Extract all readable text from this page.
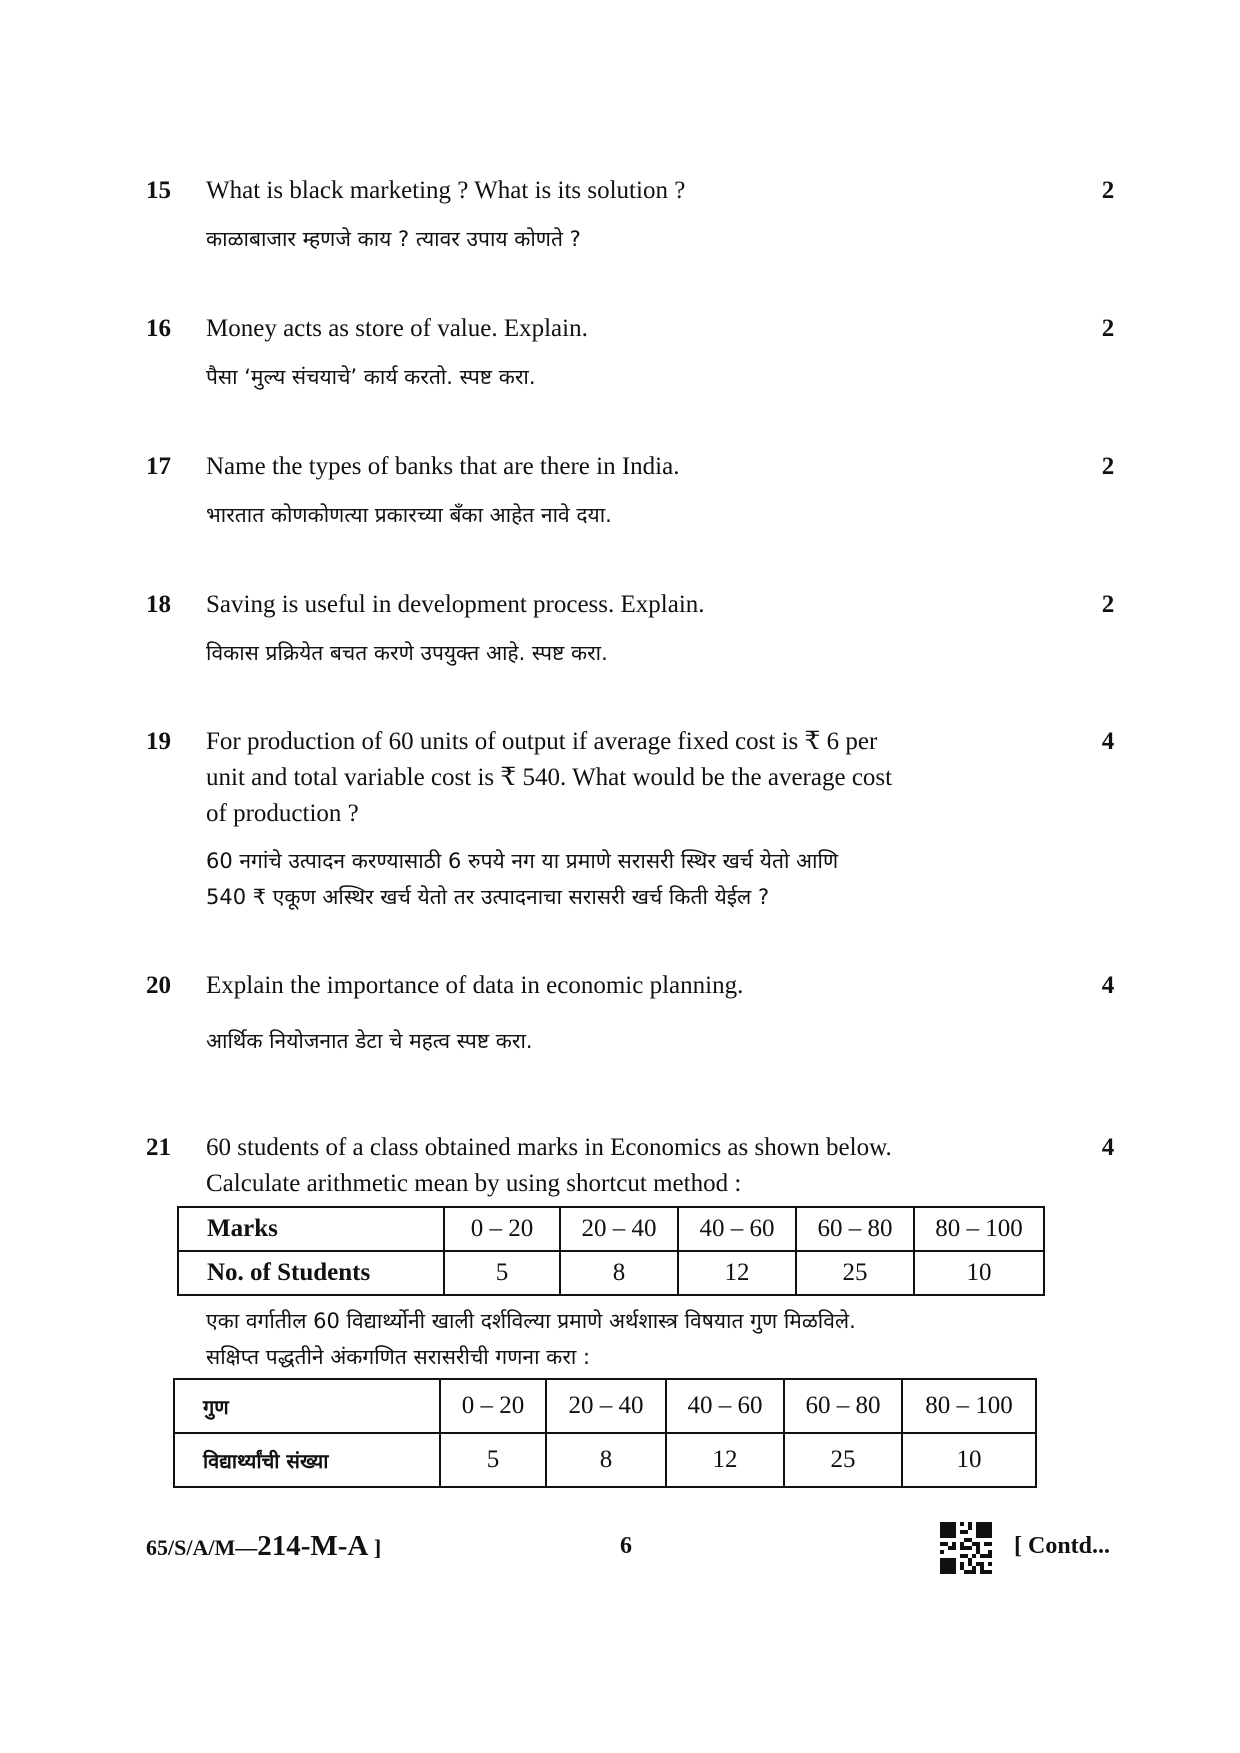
15 What is black marketing ? What is its solution ?
काळाबाजार म्हणजे काय ? त्यावर उपाय कोणते ?
2
16 Money acts as store of value. Explain.
पैसा ‘मुल्य संचयाचे’ कार्य करतो. स्पष्ट करा.
2
17 Name the types of banks that are there in India.
भारतात कोणकोणत्या प्रकारच्या बँका आहेत नावे दया.
2
18 Saving is useful in development process. Explain.
विकास प्रक्रियेत बचत करणे उपयुक्त आहे. स्पष्ट करा.
2
19 For production of 60 units of output if average fixed cost is ₹ 6 per
unit and total variable cost is ₹ 540. What would be the average cost
of production ?
60 नगांचे उत्पादन करण्यासाठी 6 रुपये नग या प्रमाणे सरासरी स्थिर खर्च येतो आणि
540 ₹ एकूण अस्थिर खर्च येतो तर उत्पादनाचा सरासरी खर्च किती येईल ?
4
20 Explain the importance of data in economic planning.
आर्थिक नियोजनात डेटा चे महत्व स्पष्ट करा.
4
21 60 students of a class obtained marks in Economics as shown below.
Calculate arithmetic mean by using shortcut method :
4
Marks	0 – 20	20 – 40	40 – 60	60 – 80	80 – 100
No. of Students	5	8	12	25	10
एका वर्गातील 60 विद्यार्थ्योनी खाली दर्शविल्या प्रमाणे अर्थशास्त्र विषयात गुण मिळविले.
सक्षिप्त पद्धतीने अंकगणित सरासरीची गणना करा :
गुण	0 – 20	20 – 40	40 – 60	60 – 80	80 – 100
विद्यार्थ्यांची संख्या	5	8	12	25	10
65/S/A/M—214-M-A ]	6	[ Contd...
